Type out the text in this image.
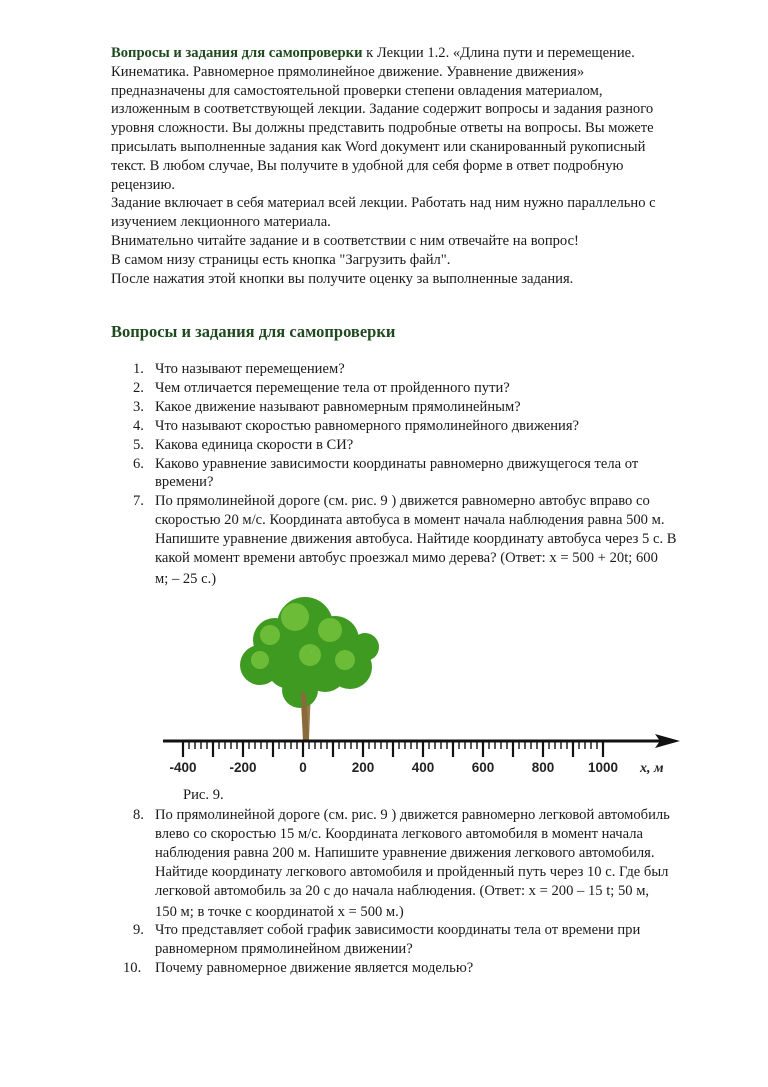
Вопросы и задания для самопроверки к Лекции 1.2. «Длина пути и перемещение.
Кинематика. Равномерное прямолинейное движение. Уравнение движения»
предназначены для самостоятельной проверки степени овладения материалом,
изложенным в соответствующей лекции. Задание содержит вопросы и задания разного
уровня сложности. Вы должны представить подробные ответы на вопросы. Вы можете
присылать выполненные задания как Word документ или сканированный рукописный
текст. В любом случае, Вы получите в удобной для себя форме в ответ подробную
рецензию.
Задание включает в себя материал всей лекции. Работать над ним нужно параллельно с
изучением лекционного материала.
Внимательно читайте задание и в соответствии с ним отвечайте на вопрос!
В самом низу страницы есть кнопка "Загрузить файл".
После нажатия этой кнопки вы получите оценку за выполненные задания.
Вопросы и задания для самопроверки
1. Что называют перемещением?
2. Чем отличается перемещение тела от пройденного пути?
3. Какое движение называют равномерным прямолинейным?
4. Что называют скоростью равномерного прямолинейного движения?
5. Какова единица скорости в СИ?
6. Каково уравнение зависимости координаты равномерно движущегося тела от
времени?
7. По прямолинейной дороге (см. рис. 9 ) движется равномерно автобус вправо со
скоростью 20 м/с. Координата автобуса в момент начала наблюдения равна 500 м.
Напишите уравнение движения автобуса. Найтиде координату автобуса через 5 с. В
какой момент времени автобус проезжал мимо дерева? (Ответ: x = 500 + 20t; 600
м; – 25 с.)
-400 -200	0	200	400	600	800 1000 x, м
Рис. 9.
8. По прямолинейной дороге (см. рис. 9 ) движется равномерно легковой автомобиль
влево со скоростью 15 м/с. Координата легкового автомобиля в момент начала
наблюдения равна 200 м. Напишите уравнение движения легкового автомобиля.
Найтиде координату легкового автомобиля и пройденный путь через 10 с. Где был
легковой автомобиль за 20 с до начала наблюдения. (Ответ: x = 200 – 15 t; 50 м,
150 м; в точке с координатой x = 500 м.)
9. Что представляет собой график зависимости координаты тела от времени при
равномерном прямолинейном движении?
10. Почему равномерное движение является моделью?
